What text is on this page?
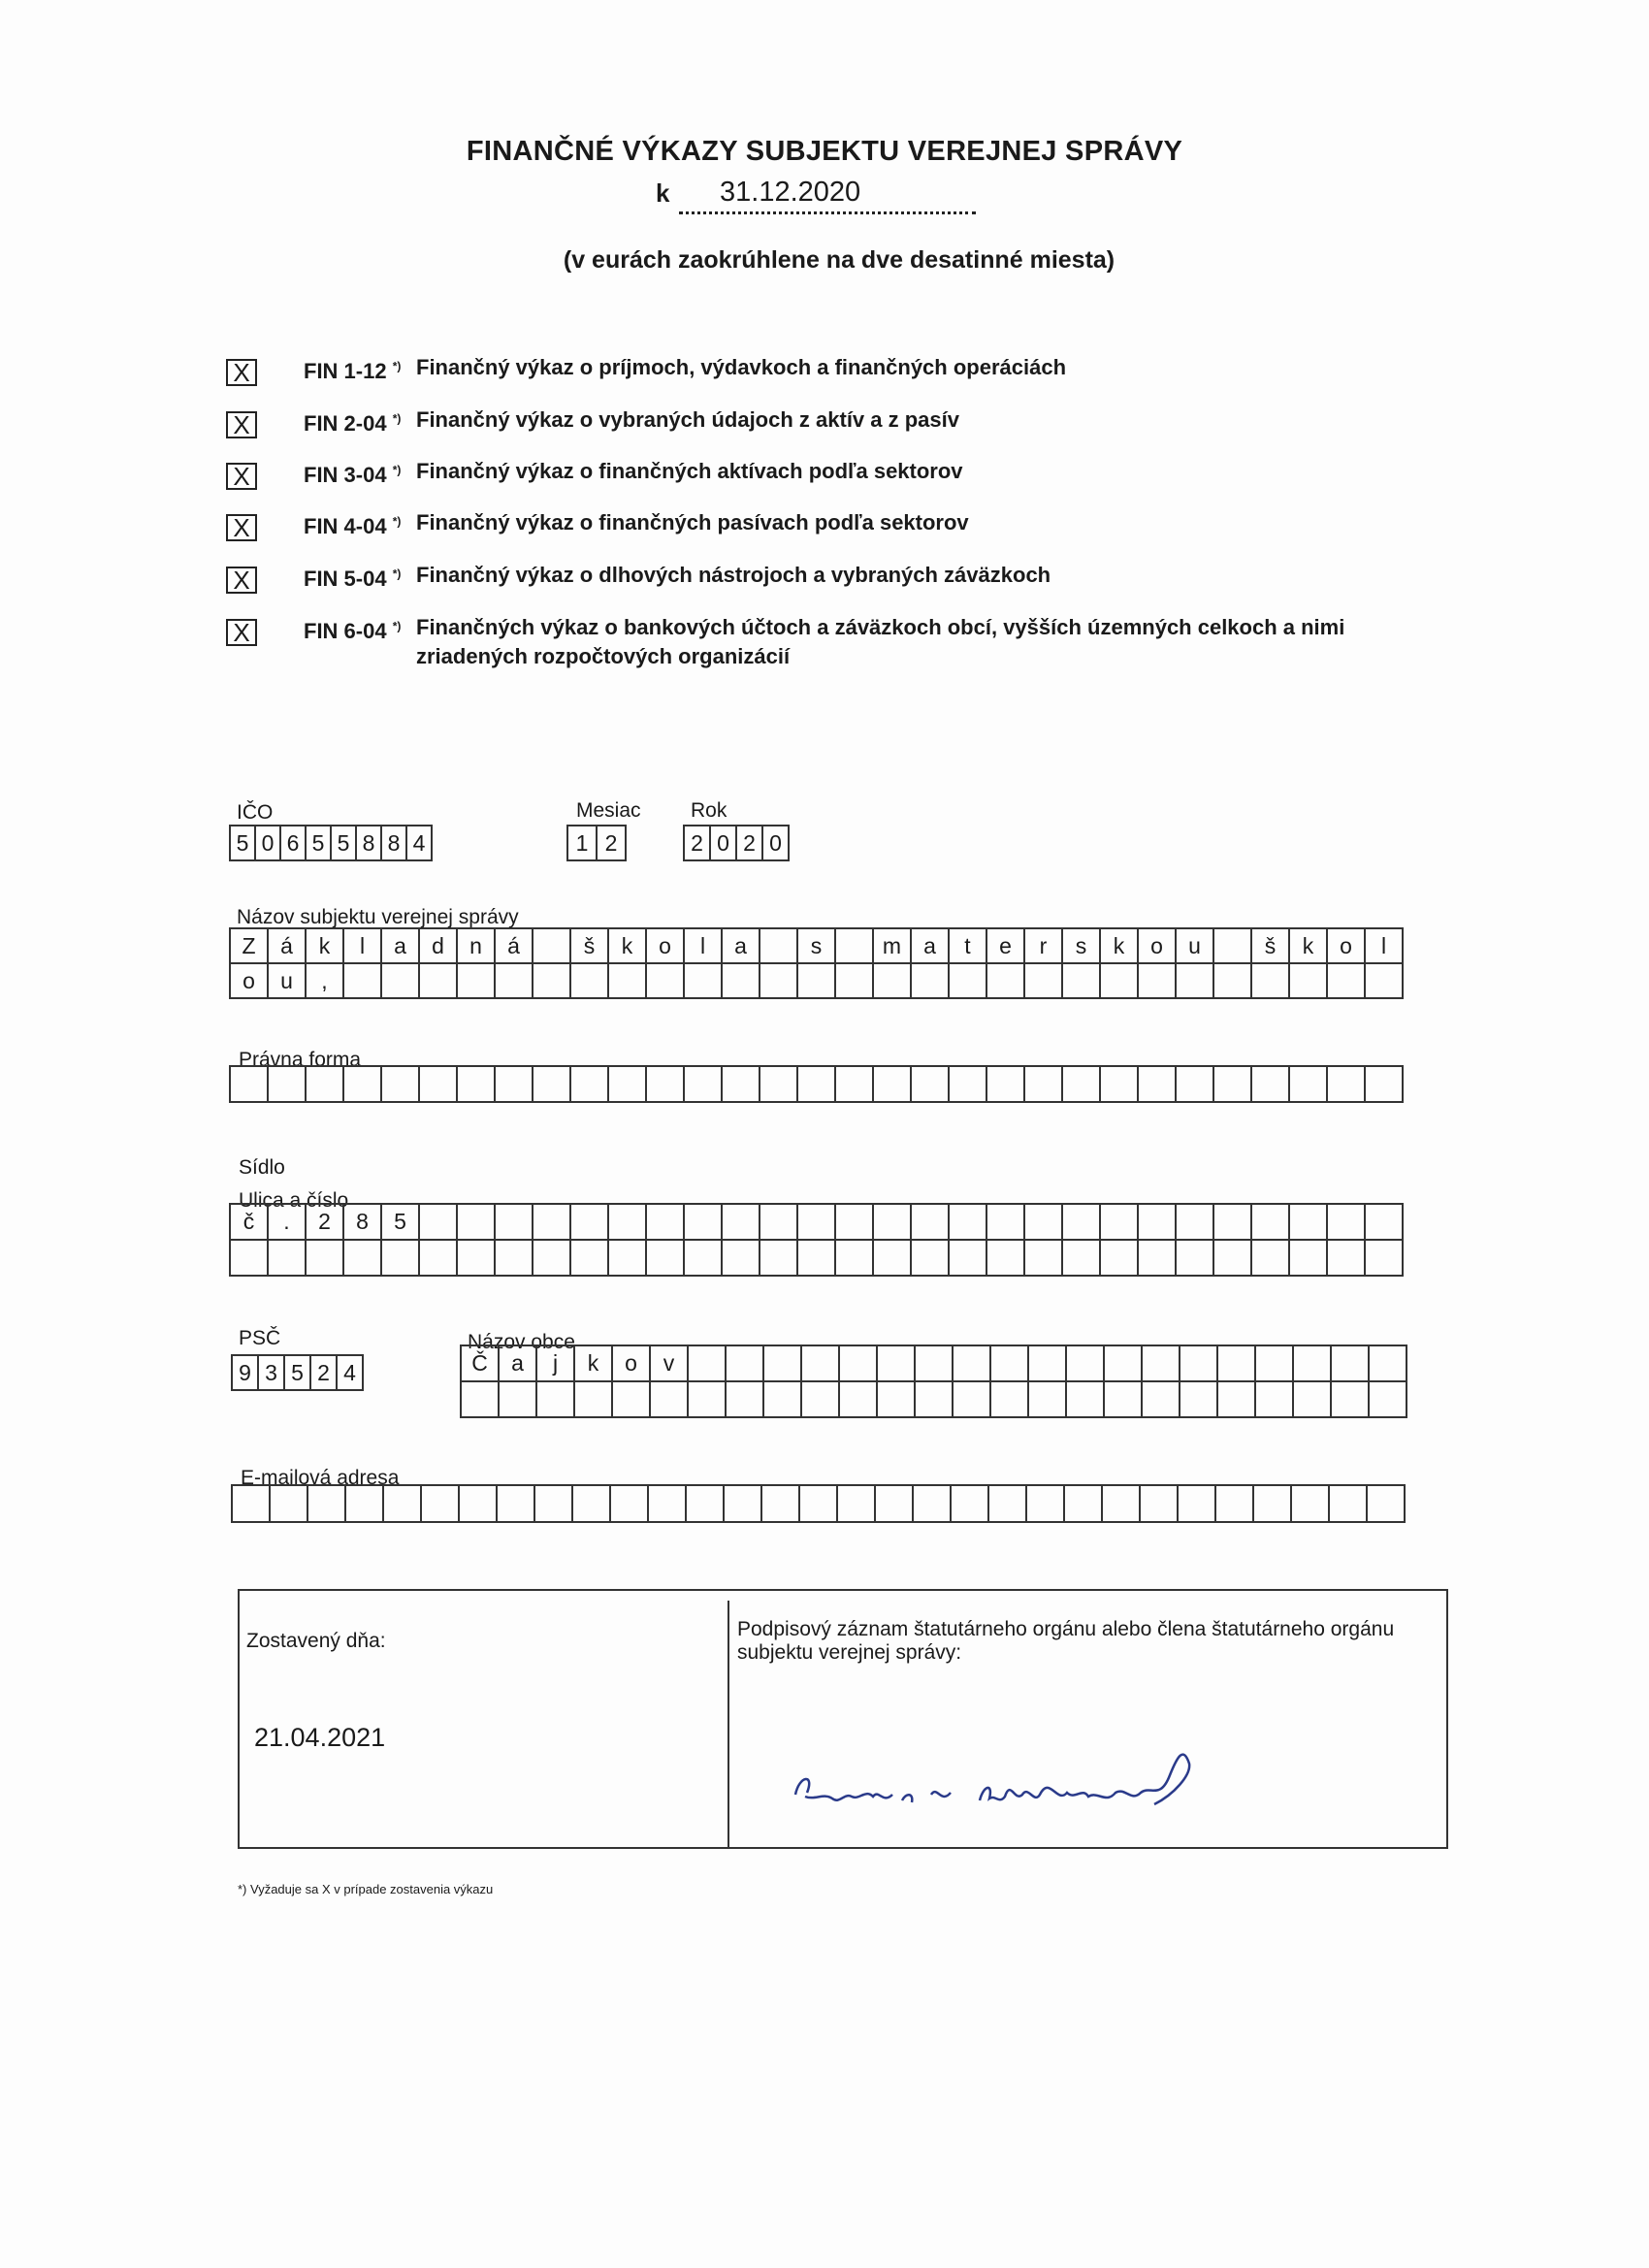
FINANČNÉ VÝKAZY SUBJEKTU VEREJNEJ SPRÁVY
k 31.12.2020
(v eurách zaokrúhlene na dve desatinné miesta)
X	FIN 1-12 *) Finančný výkaz o príjmoch, výdavkoch a finančných operáciách
X	FIN 2-04 *) Finančný výkaz o vybraných údajoch z aktív a z pasív
X	FIN 3-04 *) Finančný výkaz o finančných aktívach podľa sektorov
X	FIN 4-04 *) Finančný výkaz o finančných pasívach podľa sektorov
X	FIN 5-04 *) Finančný výkaz o dlhových nástrojoch a vybraných záväzkoch
X	FIN 6-04 *) Finančných výkaz o bankových účtoch a záväzkoch obcí, vyšších územných celkoch a nimi
zriadených rozpočtových organizácií
IČO	Mesiac Rok
5 0 6 5 5 8 8 4	1 2	2 0 2 0
Názov subjektu verejnej správy
Z	á	k	l	a	d	n	á	š	k	o	l	a	s	m	a	t	e	r	s	k	o	u	š	k	o	l
o	u	,
Právna forma
Sídlo
Ulica a číslo
č	.	2	8	5
PSČ	Názov obce
9 3 5 2 4	Č	a	j	k	o	v
E-mailová adresa
Zostavený dňa:
21.04.2021
Podpisový záznam štatutárneho orgánu alebo člena štatutárneho orgánu subjektu verejnej správy:
*) Vyžaduje sa X v prípade zostavenia výkazu
